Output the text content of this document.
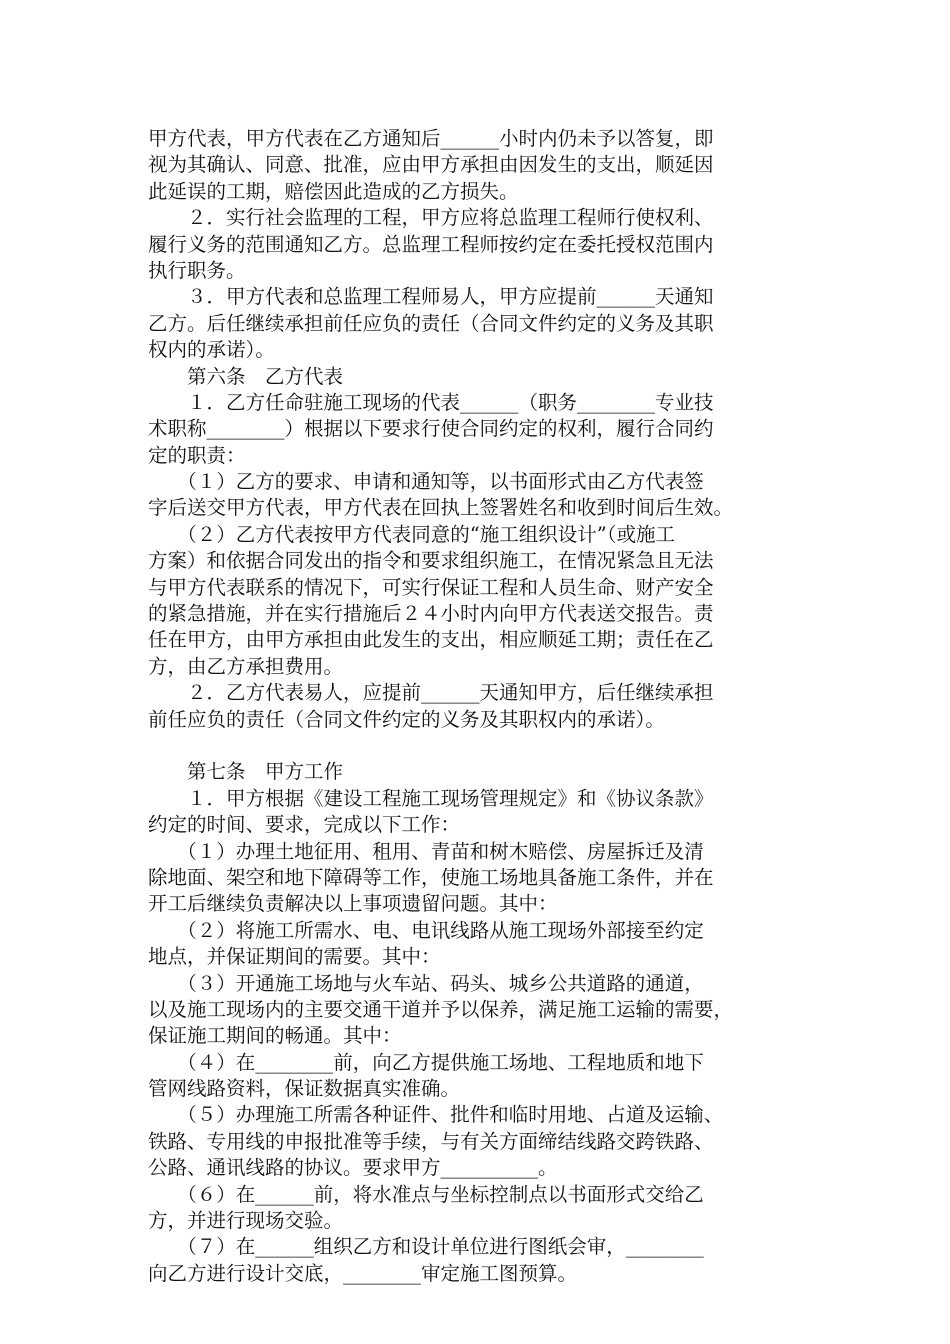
甲方代表，甲方代表在乙方通知后______小时内仍未予以答复，即
视为其确认、同意、批准，应由甲方承担由因发生的支出，顺延因
此延误的工期，赔偿因此造成的乙方损失。
　　２．实行社会监理的工程，甲方应将总监理工程师行使权利、
履行义务的范围通知乙方。总监理工程师按约定在委托授权范围内
执行职务。
　　３．甲方代表和总监理工程师易人，甲方应提前______天通知
乙方。后任继续承担前任应负的责任（合同文件约定的义务及其职
权内的承诺）。
　　第六条　乙方代表
　　１．乙方任命驻施工现场的代表______（职务________专业技
术职称________）根据以下要求行使合同约定的权利，履行合同约
定的职责：
　　（１）乙方的要求、申请和通知等，以书面形式由乙方代表签
字后送交甲方代表，甲方代表在回执上签署姓名和收到时间后生效。
　　（２）乙方代表按甲方代表同意的“施工组织设计”（或施工
方案）和依据合同发出的指令和要求组织施工，在情况紧急且无法
与甲方代表联系的情况下，可实行保证工程和人员生命、财产安全
的紧急措施，并在实行措施后２４小时内向甲方代表送交报告。责
任在甲方，由甲方承担由此发生的支出，相应顺延工期；责任在乙
方，由乙方承担费用。
　　２．乙方代表易人，应提前______天通知甲方，后任继续承担
前任应负的责任（合同文件约定的义务及其职权内的承诺）。
　　第七条　甲方工作
　　１．甲方根据《建设工程施工现场管理规定》和《协议条款》
约定的时间、要求，完成以下工作：
　　（１）办理土地征用、租用、青苗和树木赔偿、房屋拆迁及清
除地面、架空和地下障碍等工作，使施工场地具备施工条件，并在
开工后继续负责解决以上事项遗留问题。其中：
　　（２）将施工所需水、电、电讯线路从施工现场外部接至约定
地点，并保证期间的需要。其中：
　　（３）开通施工场地与火车站、码头、城乡公共道路的通道，
以及施工现场内的主要交通干道并予以保养，满足施工运输的需要，
保证施工期间的畅通。其中：
　　（４）在________前，向乙方提供施工场地、工程地质和地下
管网线路资料，保证数据真实准确。
　　（５）办理施工所需各种证件、批件和临时用地、占道及运输、
铁路、专用线的申报批准等手续，与有关方面缔结线路交跨铁路、
公路、通讯线路的协议。要求甲方__________。
　　（６）在______前，将水准点与坐标控制点以书面形式交给乙
方，并进行现场交验。
　　（７）在______组织乙方和设计单位进行图纸会审，________
向乙方进行设计交底，________审定施工图预算。
